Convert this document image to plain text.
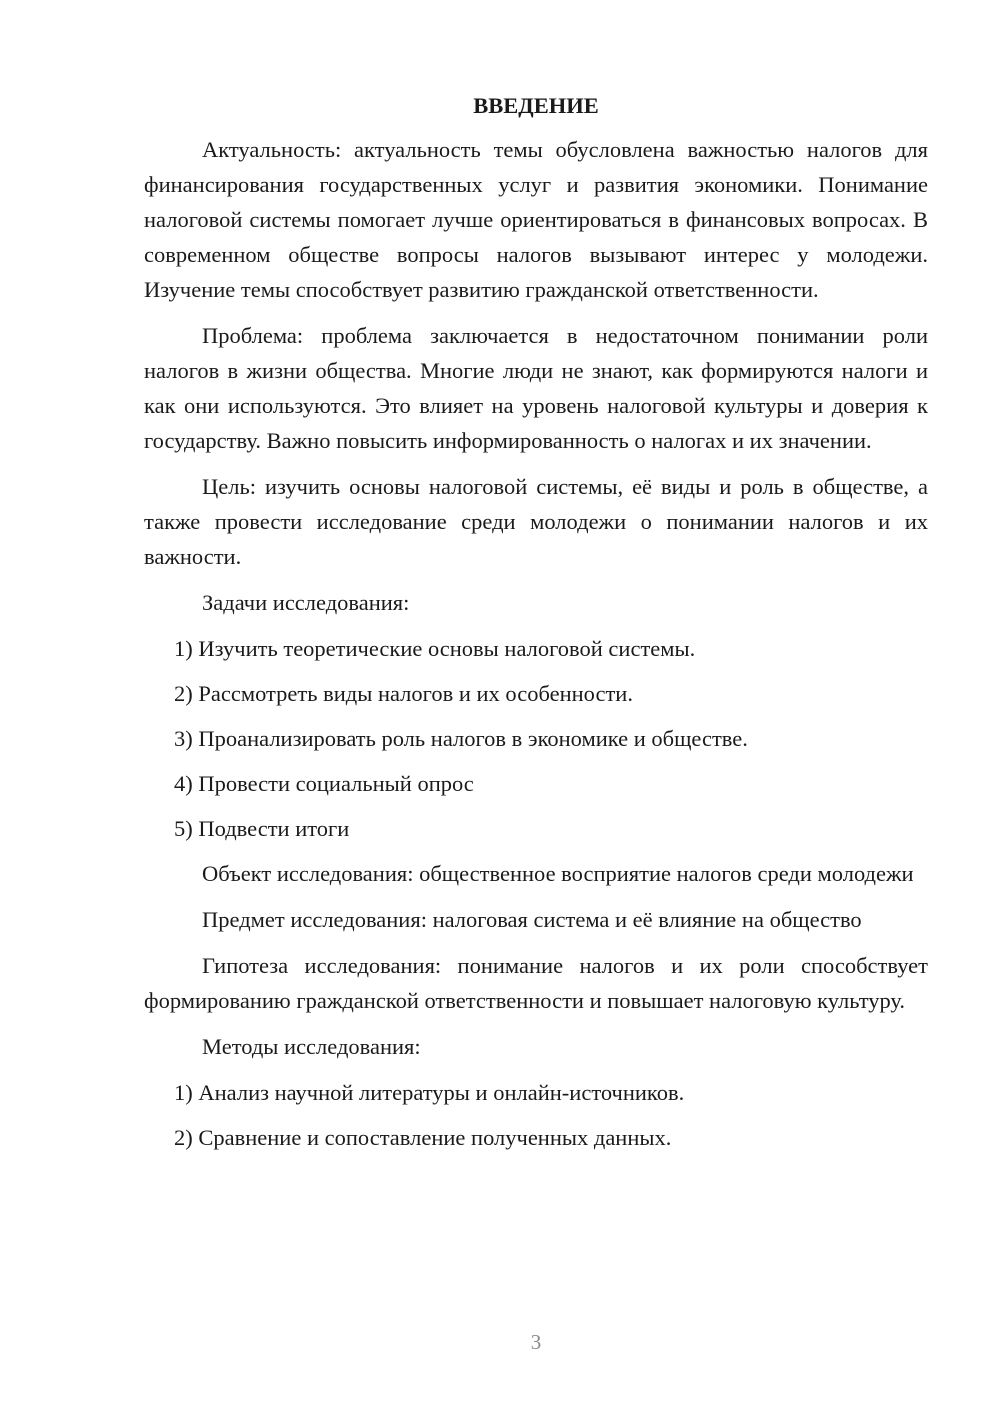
ВВЕДЕНИЕ

Актуальность: актуальность темы обусловлена важностью налогов для финансирования государственных услуг и развития экономики. Понимание налоговой системы помогает лучше ориентироваться в финансовых вопросах. В современном обществе вопросы налогов вызывают интерес у молодежи. Изучение темы способствует развитию гражданской ответственности.

Проблема: проблема заключается в недостаточном понимании роли налогов в жизни общества. Многие люди не знают, как формируются налоги и как они используются. Это влияет на уровень налоговой культуры и доверия к государству. Важно повысить информированность о налогах и их значении.

Цель: изучить основы налоговой системы, её виды и роль в обществе, а также провести исследование среди молодежи о понимании налогов и их важности.

Задачи исследования:

1) Изучить теоретические основы налоговой системы.

2) Рассмотреть виды налогов и их особенности.

3) Проанализировать роль налогов в экономике и обществе.

4) Провести социальный опрос

5) Подвести итоги

Объект исследования: общественное восприятие налогов среди молодежи

Предмет исследования: налоговая система и её влияние на общество

Гипотеза исследования: понимание налогов и их роли способствует формированию гражданской ответственности и повышает налоговую культуру.

Методы исследования:

1) Анализ научной литературы и онлайн-источников.

2) Сравнение и сопоставление полученных данных.

3
